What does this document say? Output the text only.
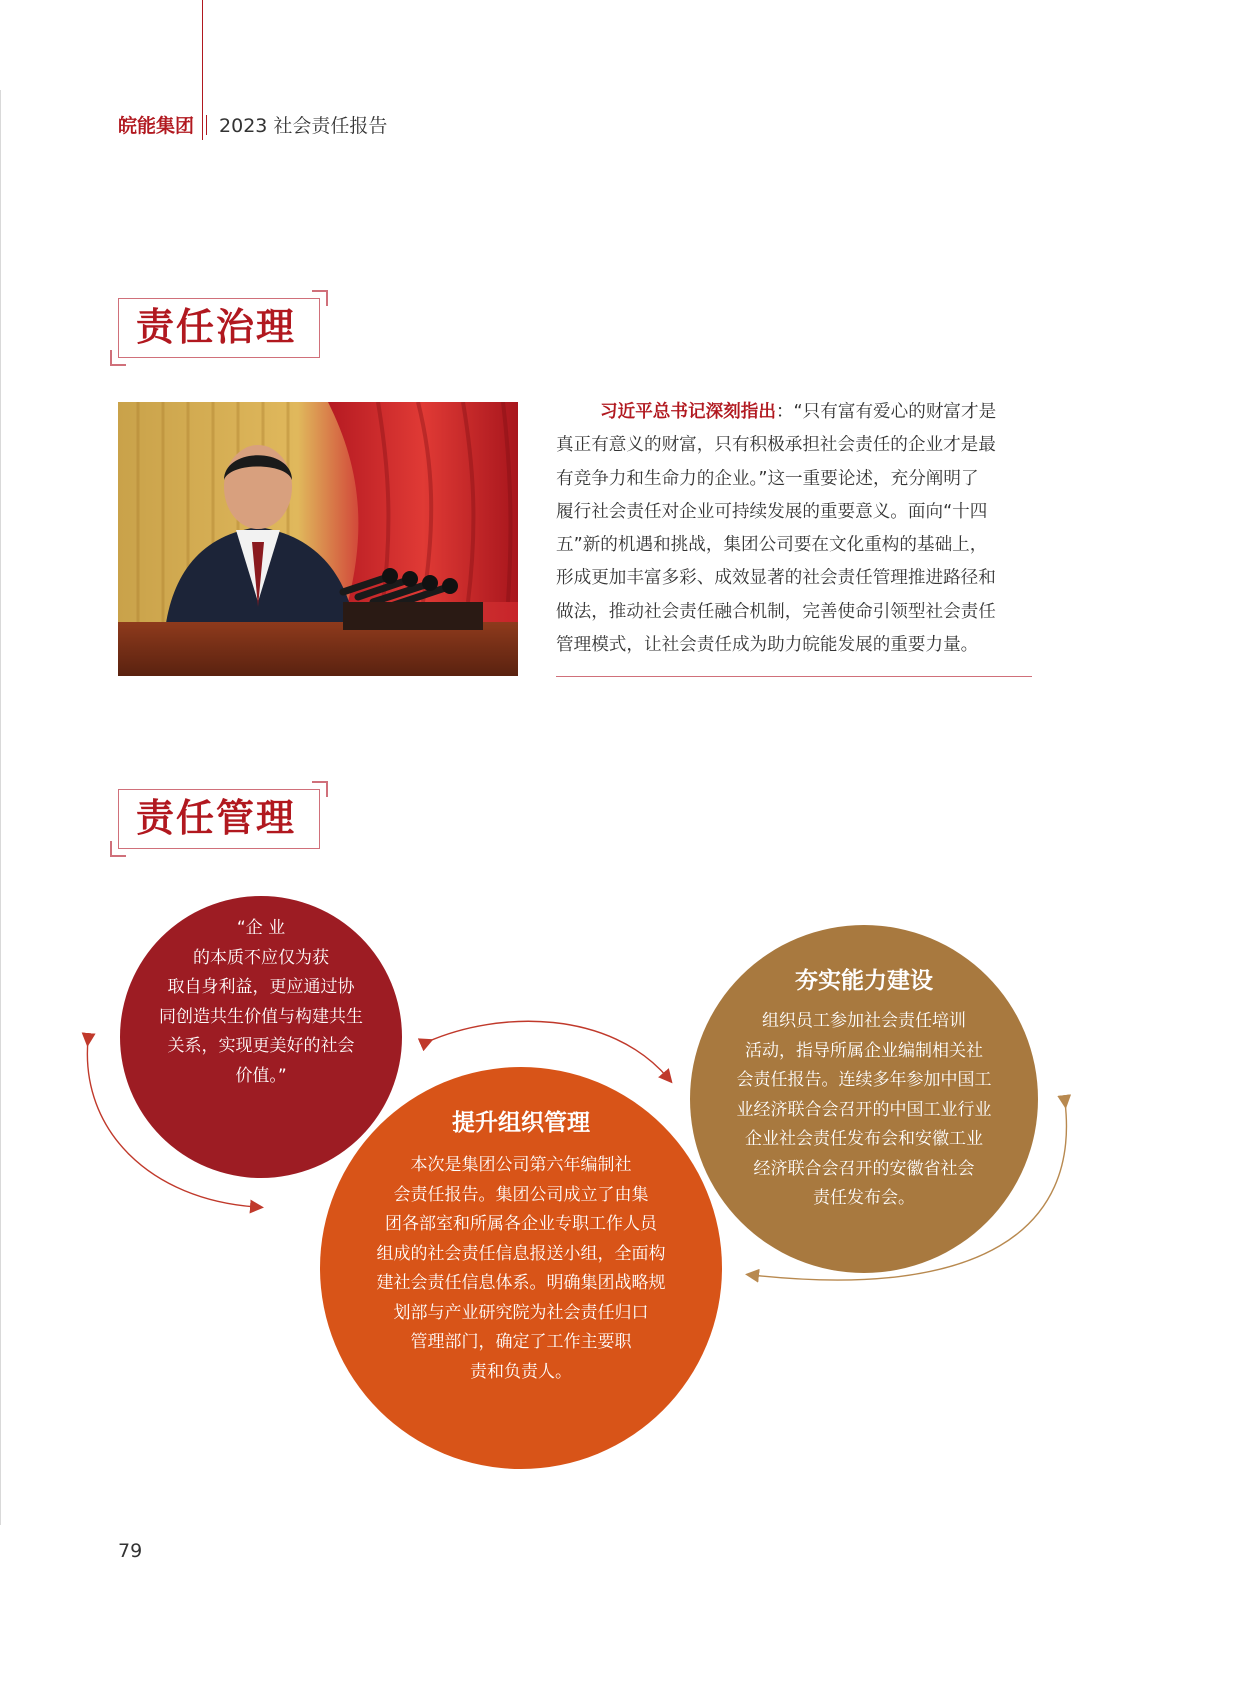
皖能集团 2023 社会责任报告
责任治理

习近平总书记深刻指出：“只有富有爱心的财富才是

真正有意义的财富，只有积极承担社会责任的企业才是最
有竞争力和生命力的企业。”这一重要论述，充分阐明了
履行社会责任对企业可持续发展的重要意义。面向“十四
五”新的机遇和挑战，集团公司要在文化重构的基础上，
形成更加丰富多彩、成效显著的社会责任管理推进路径和
做法，推动社会责任融合机制，完善使命引领型社会责任
管理模式，让社会责任成为助力皖能发展的重要力量。
责任管理
“企 业
的本质不应仅为获
取自身利益，更应通过协
同创造共生价值与构建共生
关系，实现更美好的社会
价值。”
夯实能力建设
组织员工参加社会责任培训
活动，指导所属企业编制相关社
会责任报告。连续多年参加中国工
业经济联合会召开的中国工业行业
企业社会责任发布会和安徽工业
经济联合会召开的安徽省社会
责任发布会。
提升组织管理
本次是集团公司第六年编制社
会责任报告。集团公司成立了由集
团各部室和所属各企业专职工作人员
组成的社会责任信息报送小组，全面构
建社会责任信息体系。明确集团战略规
划部与产业研究院为社会责任归口
管理部门，确定了工作主要职
责和负责人。
79
